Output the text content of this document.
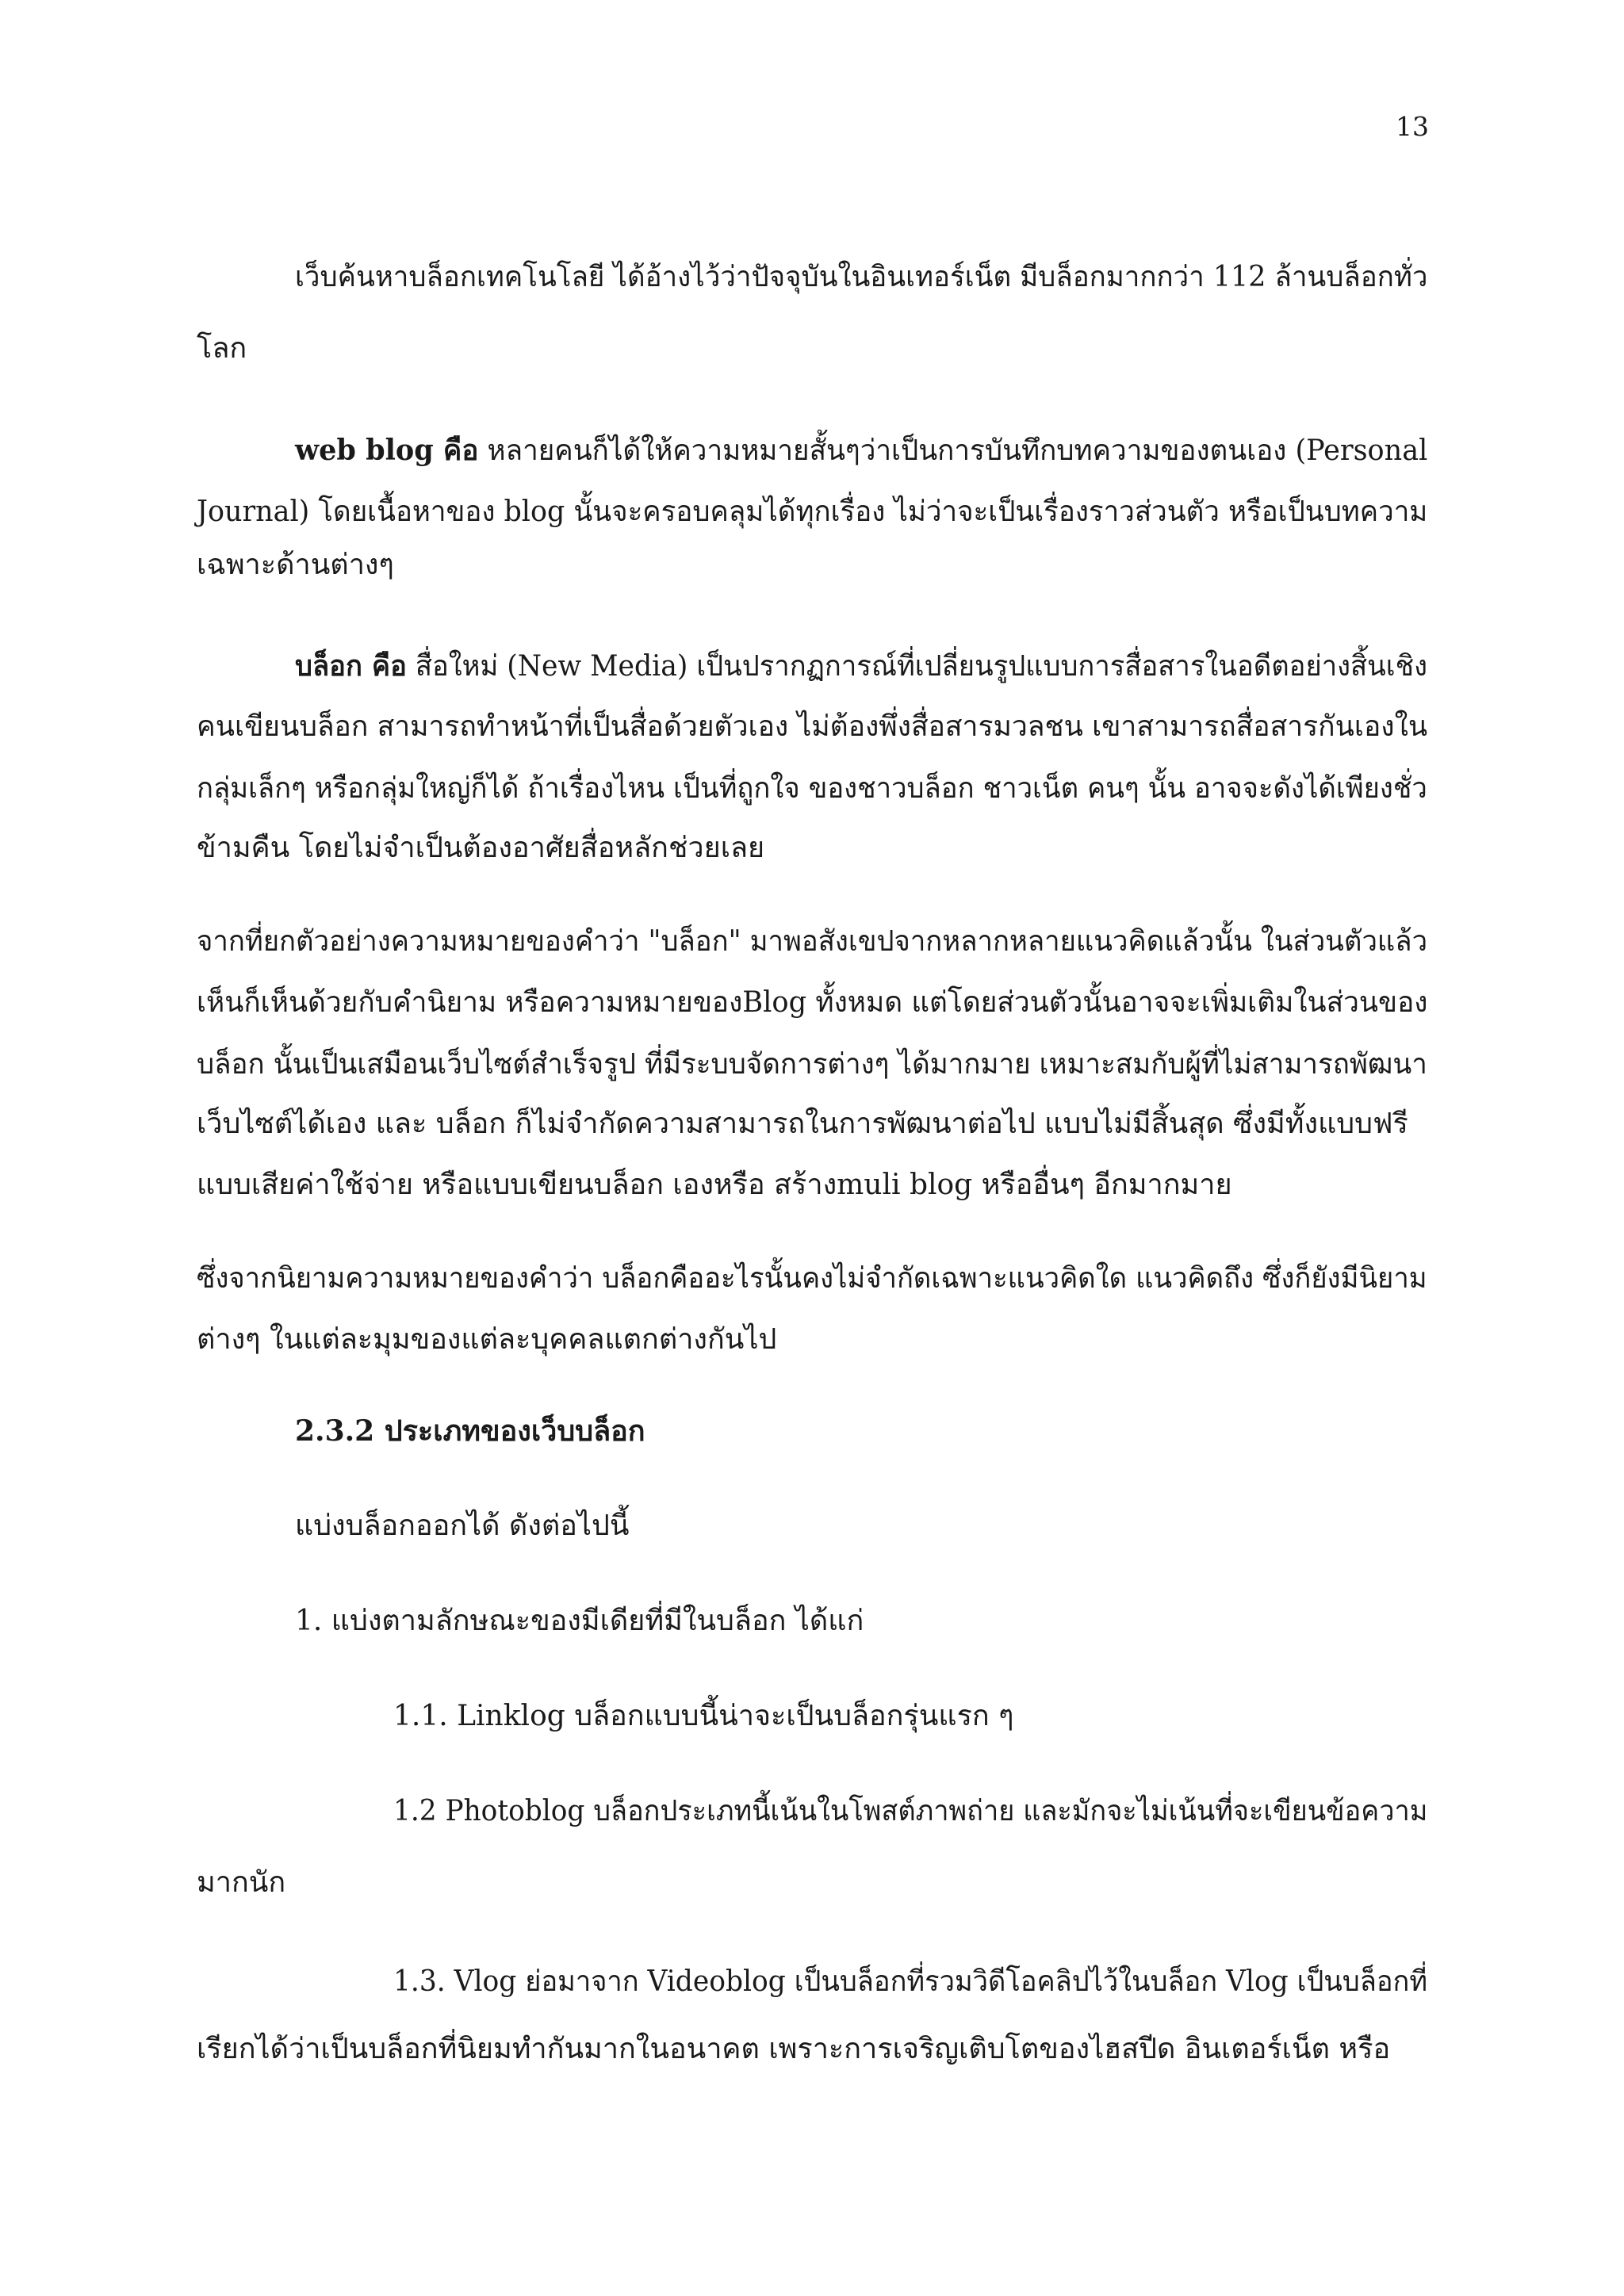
13
เว็บค้นหาบล็อกเทคโนโลยี ได้อ้างไว้ว่าปัจจุบันในอินเทอร์เน็ต มีบล็อกมากกว่า 112 ล้านบล็อกทั่ว
โลก
web blog คือ หลายคนก็ได้ให้ความหมายสั้นๆว่าเป็นการบันทึกบทความของตนเอง (Personal
Journal) โดยเนื้อหาของ blog นั้นจะครอบคลุมได้ทุกเรื่อง ไม่ว่าจะเป็นเรื่องราวส่วนตัว หรือเป็นบทความ
เฉพาะด้านต่างๆ
บล็อก คือ สื่อใหม่ (New Media) เป็นปรากฏการณ์ที่เปลี่ยนรูปแบบการสื่อสารในอดีตอย่างสิ้นเชิง
คนเขียนบล็อก สามารถทำหน้าที่เป็นสื่อด้วยตัวเอง ไม่ต้องพึ่งสื่อสารมวลชน เขาสามารถสื่อสารกันเองใน
กลุ่มเล็กๆ หรือกลุ่มใหญ่ก็ได้ ถ้าเรื่องไหน เป็นที่ถูกใจ ของชาวบล็อก ชาวเน็ต คนๆ นั้น อาจจะดังได้เพียงชั่ว
ข้ามคืน โดยไม่จำเป็นต้องอาศัยสื่อหลักช่วยเลย
จากที่ยกตัวอย่างความหมายของคำว่า "บล็อก" มาพอสังเขปจากหลากหลายแนวคิดแล้วนั้น ในส่วนตัวแล้ว
เห็นก็เห็นด้วยกับคำนิยาม หรือความหมายของBlog ทั้งหมด แต่โดยส่วนตัวนั้นอาจจะเพิ่มเติมในส่วนของ
บล็อก นั้นเป็นเสมือนเว็บไซต์สำเร็จรูป ที่มีระบบจัดการต่างๆ ได้มากมาย เหมาะสมกับผู้ที่ไม่สามารถพัฒนา
เว็บไซต์ได้เอง และ บล็อก ก็ไม่จำกัดความสามารถในการพัฒนาต่อไป แบบไม่มีสิ้นสุด ซึ่งมีทั้งแบบฟรี
แบบเสียค่าใช้จ่าย หรือแบบเขียนบล็อก เองหรือ สร้างmuli blog หรืออื่นๆ อีกมากมาย
ซึ่งจากนิยามความหมายของคำว่า บล็อกคืออะไรนั้นคงไม่จำกัดเฉพาะแนวคิดใด แนวคิดถึง ซึ่งก็ยังมีนิยาม
ต่างๆ ในแต่ละมุมของแต่ละบุคคลแตกต่างกันไป
2.3.2 ประเภทของเว็บบล็อก
แบ่งบล็อกออกได้ ดังต่อไปนี้
1. แบ่งตามลักษณะของมีเดียที่มีในบล็อก ได้แก่
1.1. Linklog บล็อกแบบนี้น่าจะเป็นบล็อกรุ่นแรก ๆ
1.2 Photoblog บล็อกประเภทนี้เน้นในโพสต์ภาพถ่าย และมักจะไม่เน้นที่จะเขียนข้อความ
มากนัก
1.3. Vlog ย่อมาจาก Videoblog เป็นบล็อกที่รวมวิดีโอคลิปไว้ในบล็อก Vlog เป็นบล็อกที่
เรียกได้ว่าเป็นบล็อกที่นิยมทำกันมากในอนาคต เพราะการเจริญเติบโตของไฮสปีด อินเตอร์เน็ต หรือ
